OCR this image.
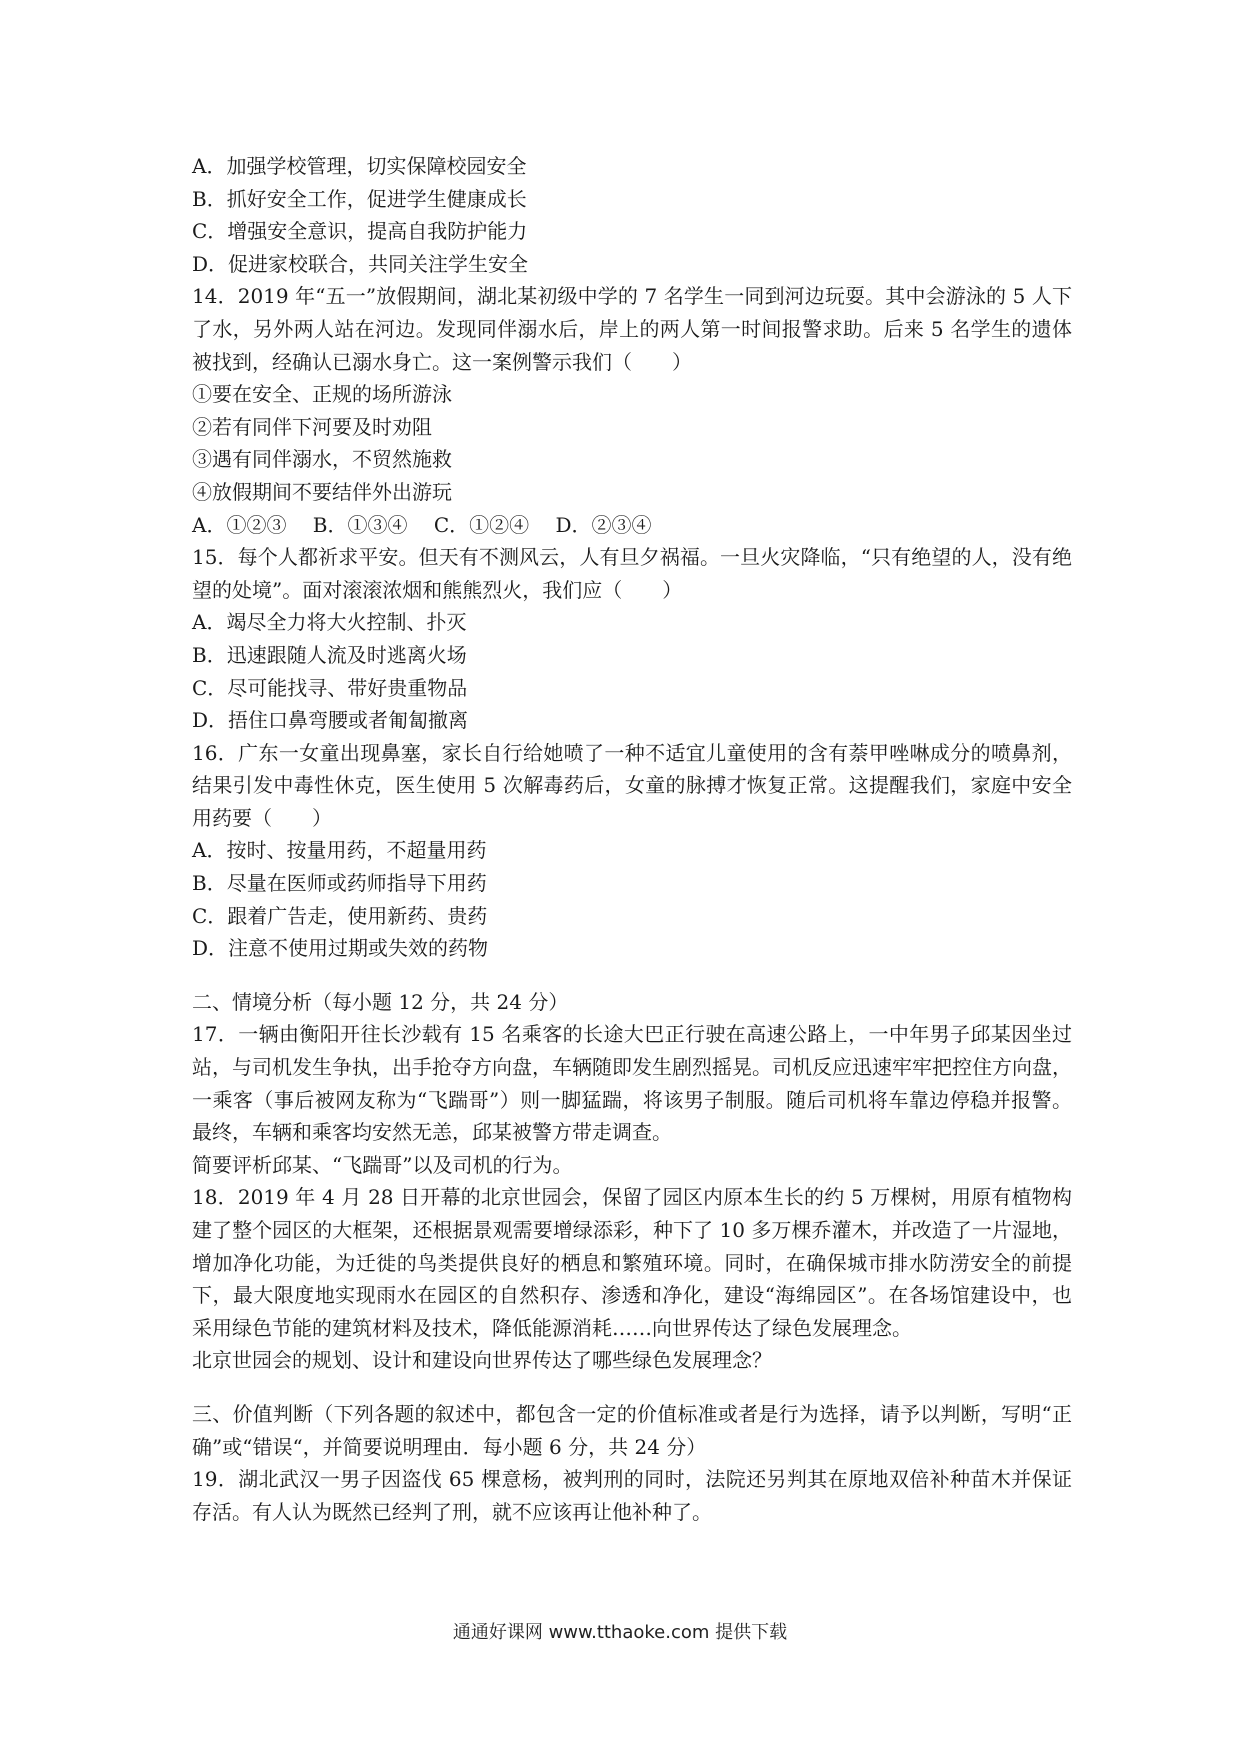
A．加强学校管理，切实保障校园安全
B．抓好安全工作，促进学生健康成长
C．增强安全意识，提高自我防护能力
D．促进家校联合，共同关注学生安全
14．2019 年“五一”放假期间，湖北某初级中学的 7 名学生一同到河边玩耍。其中会游泳的 5 人下了水，另外两人站在河边。发现同伴溺水后，岸上的两人第一时间报警求助。后来 5 名学生的遗体被找到，经确认已溺水身亡。这一案例警示我们（　　）
①要在安全、正规的场所游泳
②若有同伴下河要及时劝阻
③遇有同伴溺水，不贸然施救
④放假期间不要结伴外出游玩
A．①②③　 B．①③④　 C．①②④　 D．②③④
15．每个人都祈求平安。但天有不测风云，人有旦夕祸福。一旦火灾降临，“只有绝望的人，没有绝望的处境”。面对滚滚浓烟和熊熊烈火，我们应（　　）
A．竭尽全力将大火控制、扑灭
B．迅速跟随人流及时逃离火场
C．尽可能找寻、带好贵重物品
D．捂住口鼻弯腰或者匍匐撤离
16．广东一女童出现鼻塞，家长自行给她喷了一种不适宜儿童使用的含有萘甲唑啉成分的喷鼻剂，结果引发中毒性休克，医生使用 5 次解毒药后，女童的脉搏才恢复正常。这提醒我们，家庭中安全用药要（　　）
A．按时、按量用药，不超量用药
B．尽量在医师或药师指导下用药
C．跟着广告走，使用新药、贵药
D．注意不使用过期或失效的药物
二、情境分析（每小题 12 分，共 24 分）
17．一辆由衡阳开往长沙载有 15 名乘客的长途大巴正行驶在高速公路上，一中年男子邱某因坐过站，与司机发生争执，出手抢夺方向盘，车辆随即发生剧烈摇晃。司机反应迅速牢牢把控住方向盘，一乘客（事后被网友称为“飞踹哥”）则一脚猛踹，将该男子制服。随后司机将车靠边停稳并报警。最终，车辆和乘客均安然无恙，邱某被警方带走调查。
简要评析邱某、“飞踹哥”以及司机的行为。
18．2019 年 4 月 28 日开幕的北京世园会，保留了园区内原本生长的约 5 万棵树，用原有植物构建了整个园区的大框架，还根据景观需要增绿添彩，种下了 10 多万棵乔灌木，并改造了一片湿地，增加净化功能，为迁徙的鸟类提供良好的栖息和繁殖环境。同时，在确保城市排水防涝安全的前提下，最大限度地实现雨水在园区的自然积存、渗透和净化，建设“海绵园区”。在各场馆建设中，也采用绿色节能的建筑材料及技术，降低能源消耗……向世界传达了绿色发展理念。
北京世园会的规划、设计和建设向世界传达了哪些绿色发展理念？
三、价值判断（下列各题的叙述中，都包含一定的价值标准或者是行为选择，请予以判断，写明“正确”或“错误“，并简要说明理由．每小题 6 分，共 24 分）
19．湖北武汉一男子因盗伐 65 棵意杨，被判刑的同时，法院还另判其在原地双倍补种苗木并保证存活。有人认为既然已经判了刑，就不应该再让他补种了。
通通好课网 www.tthaoke.com 提供下载
